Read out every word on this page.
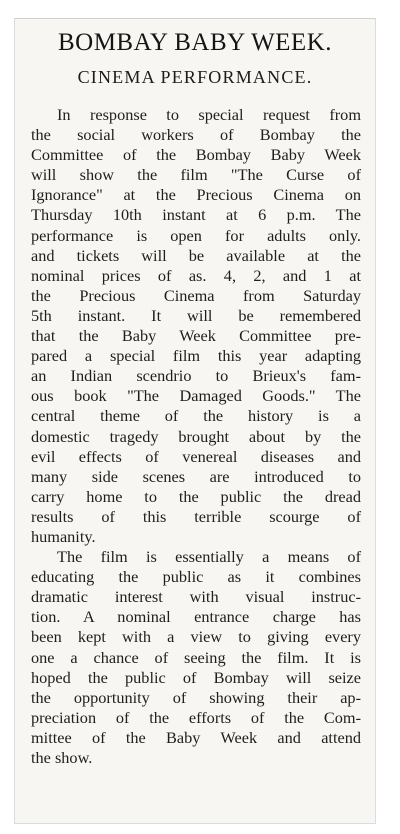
BOMBAY BABY WEEK.
CINEMA PERFORMANCE.

In response to special request from
the social workers of Bombay the
Committee of the Bombay Baby Week
will show the film "The Curse of
Ignorance" at the Precious Cinema on
Thursday 10th instant at 6 p.m. The
performance is open for adults only.
and tickets will be available at the
nominal prices of as. 4, 2, and 1 at
the Precious Cinema from Saturday
5th instant. It will be remembered
that the Baby Week Committee pre-
pared a special film this year adapting
an Indian scendrio to Brieux's fam-
ous book "The Damaged Goods." The
central theme of the history is a
domestic tragedy brought about by the
evil effects of venereal diseases and
many side scenes are introduced to
carry home to the public the dread
results of this terrible scourge of
humanity.

The film is essentially a means of
educating the public as it combines
dramatic interest with visual instruc-
tion. A nominal entrance charge has
been kept with a view to giving every
one a chance of seeing the film. It is
hoped the public of Bombay will seize
the opportunity of showing their ap-
preciation of the efforts of the Com-
mittee of the Baby Week and attend
the show.
